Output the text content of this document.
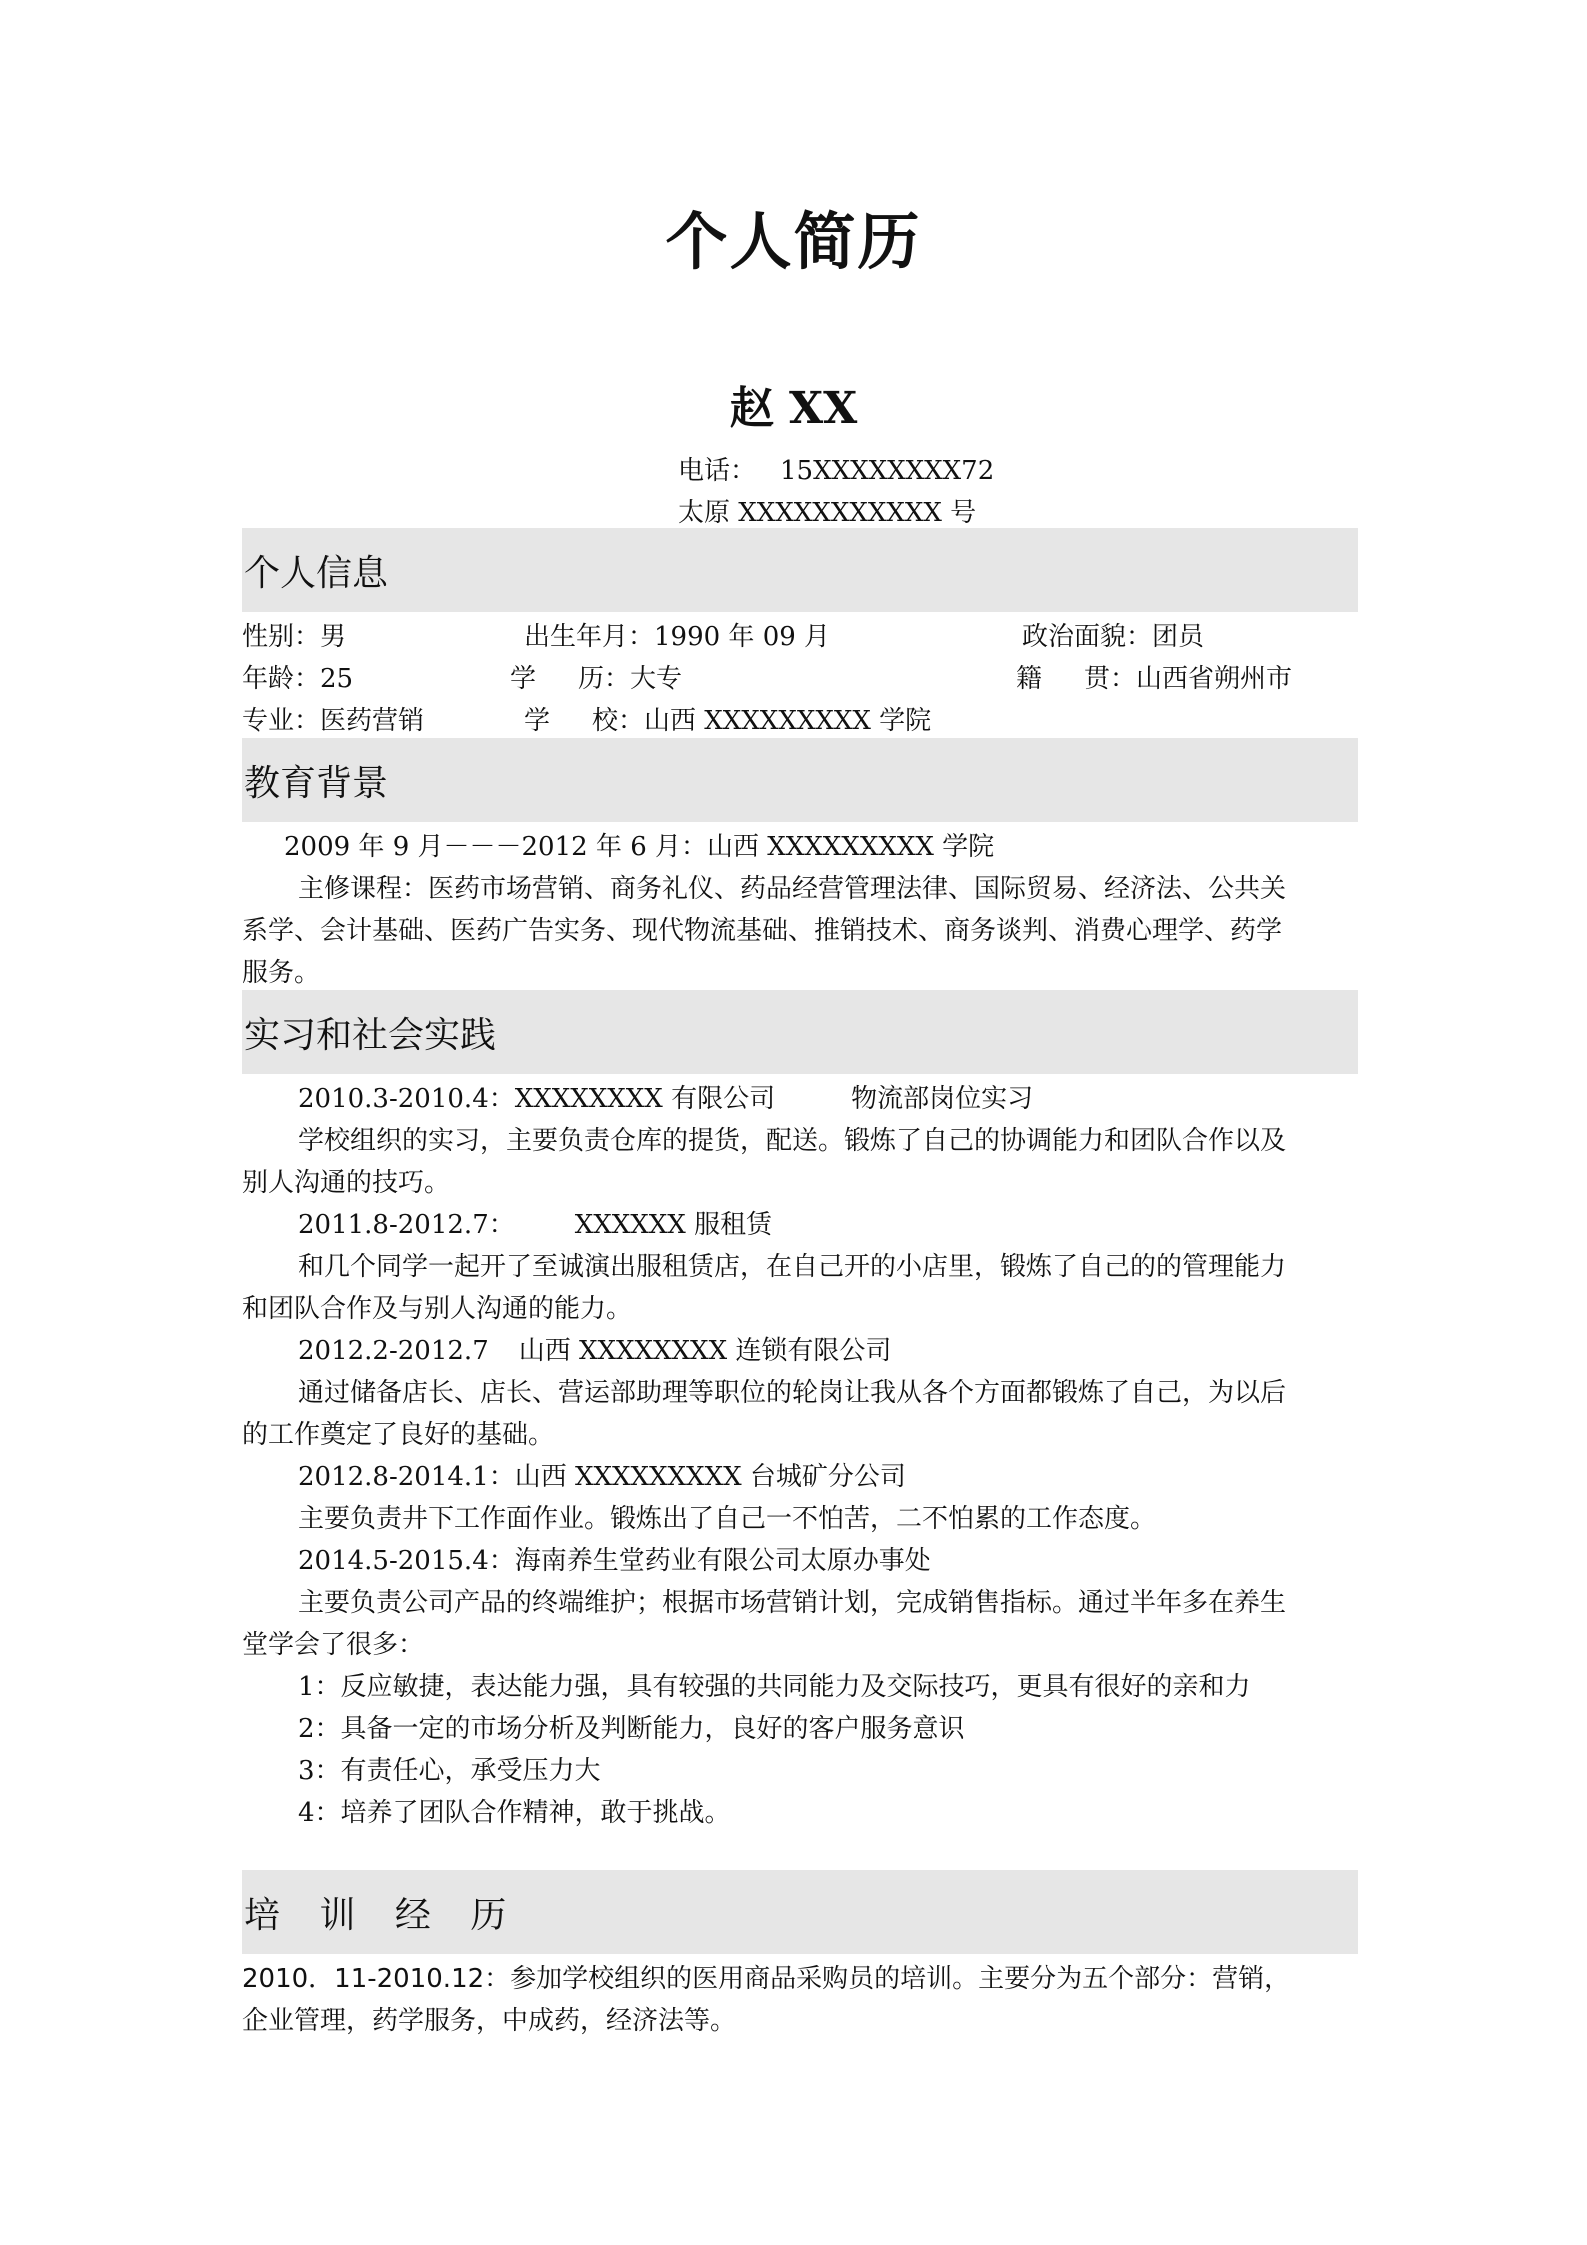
个人简历
赵 XX
电话： 15XXXXXXXX72
太原 XXXXXXXXXXX 号
个人信息
性别：男	出生年月：1990 年 09 月	政治面貌：团员
年龄：25	学历：大专	籍贯：山西省朔州市
专业：医药营销	学校：山西 XXXXXXXXX 学院
教育背景
2009 年 9 月－－－2012 年 6 月：山西 XXXXXXXXX 学院
主修课程：医药市场营销、商务礼仪、药品经营管理法律、国际贸易、经济法、公共关
系学、会计基础、医药广告实务、现代物流基础、推销技术、商务谈判、消费心理学、药学
服务。
实习和社会实践
2010.3-2010.4：XXXXXXXX 有限公司	物流部岗位实习
学校组织的实习，主要负责仓库的提货，配送。锻炼了自己的协调能力和团队合作以及
别人沟通的技巧。
2011.8-2012.7： XXXXXX 服租赁
和几个同学一起开了至诚演出服租赁店，在自己开的小店里，锻炼了自己的的管理能力
和团队合作及与别人沟通的能力。
2012.2-2012.7 山西 XXXXXXXX 连锁有限公司
通过储备店长、店长、营运部助理等职位的轮岗让我从各个方面都锻炼了自己，为以后
的工作奠定了良好的基础。
2012.8-2014.1：山西 XXXXXXXXX 台城矿分公司
主要负责井下工作面作业。锻炼出了自己一不怕苦，二不怕累的工作态度。
2014.5-2015.4：海南养生堂药业有限公司太原办事处
主要负责公司产品的终端维护；根据市场营销计划，完成销售指标。通过半年多在养生
堂学会了很多：
1：反应敏捷，表达能力强，具有较强的共同能力及交际技巧，更具有很好的亲和力
2：具备一定的市场分析及判断能力，良好的客户服务意识
3：有责任心，承受压力大
4：培养了团队合作精神，敢于挑战。
培 训 经 历
2010．11-2010.12：参加学校组织的医用商品采购员的培训。主要分为五个部分：营销，
企业管理，药学服务，中成药，经济法等。
